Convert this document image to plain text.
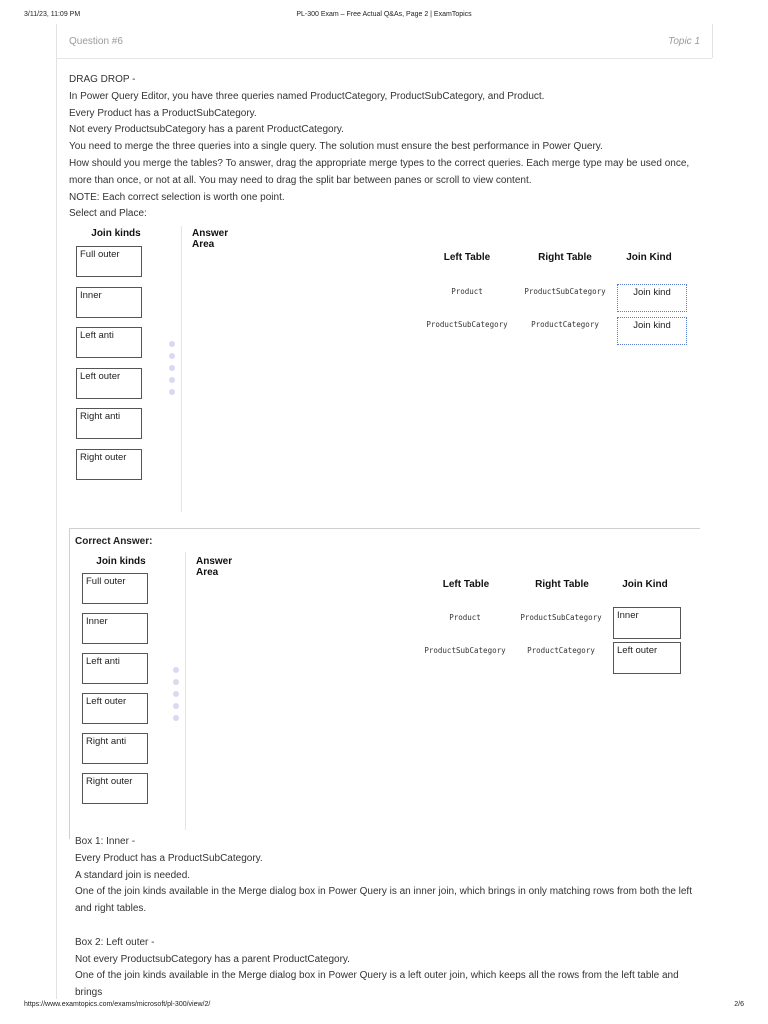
3/11/23, 11:09 PM	PL-300 Exam – Free Actual Q&As, Page 2 | ExamTopics
https://www.examtopics.com/exams/microsoft/pl-300/view/2/	2/6
Question #6	Topic 1

DRAG DROP -

In Power Query Editor, you have three queries named ProductCategory, ProductSubCategory, and Product.

Every Product has a ProductSubCategory.

Not every ProductsubCategory has a parent ProductCategory.

You need to merge the three queries into a single query. The solution must ensure the best performance in Power Query.

How should you merge the tables? To answer, drag the appropriate merge types to the correct queries. Each merge type may be used once, more than once, or not at all. You may need to drag the split bar between panes or scroll to view content.

NOTE: Each correct selection is worth one point.

Select and Place:

Join kinds
Full outer
Inner
Left anti
Left outer
Right anti
Right outer
Answer Area
Left Table	Right Table	Join Kind
Product	ProductSubCategory	Join kind
ProductSubCategory	ProductCategory	Join kind
Correct Answer:
Join kinds
Full outer
Inner
Left anti
Left outer
Right anti
Right outer
Answer Area
Left Table	Right Table	Join Kind
Product	ProductSubCategory	Inner
ProductSubCategory	ProductCategory	Left outer

Box 1: Inner -

Every Product has a ProductSubCategory.

A standard join is needed.

One of the join kinds available in the Merge dialog box in Power Query is an inner join, which brings in only matching rows from both the left and right tables.

Box 2: Left outer -

Not every ProductsubCategory has a parent ProductCategory.

One of the join kinds available in the Merge dialog box in Power Query is a left outer join, which keeps all the rows from the left table and brings
